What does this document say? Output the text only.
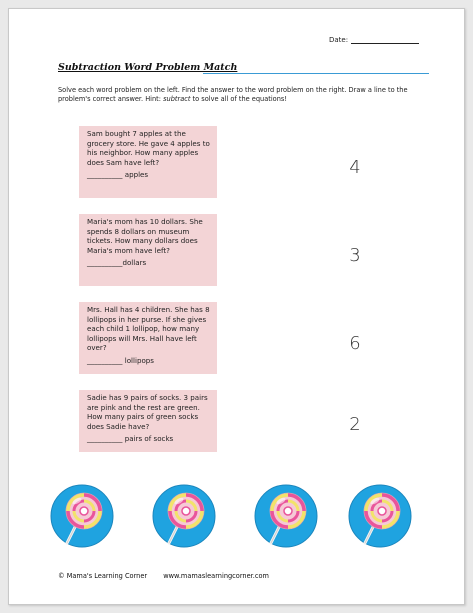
Date:
Subtraction Word Problem Match
Solve each word problem on the left. Find the answer to the word problem on the right. Draw a line to the problem's correct answer. Hint: subtract to solve all of the equations!
Sam bought 7 apples at the grocery store. He gave 4 apples to his neighbor. How many apples does Sam have left?
__________ apples
Maria's mom has 10 dollars. She spends 8 dollars on museum tickets. How many dollars does Maria's mom have left?
__________dollars
Mrs. Hall has 4 children. She has 8 lollipops in her purse. If she gives each child 1 lollipop, how many lollipops will Mrs. Hall have left over?
__________ lollipops
Sadie has 9 pairs of socks. 3 pairs are pink and the rest are green. How many pairs of green socks does Sadie have?
__________ pairs of socks
4
3
6
2
© Mama's Learning Corner www.mamaslearningcorner.com
